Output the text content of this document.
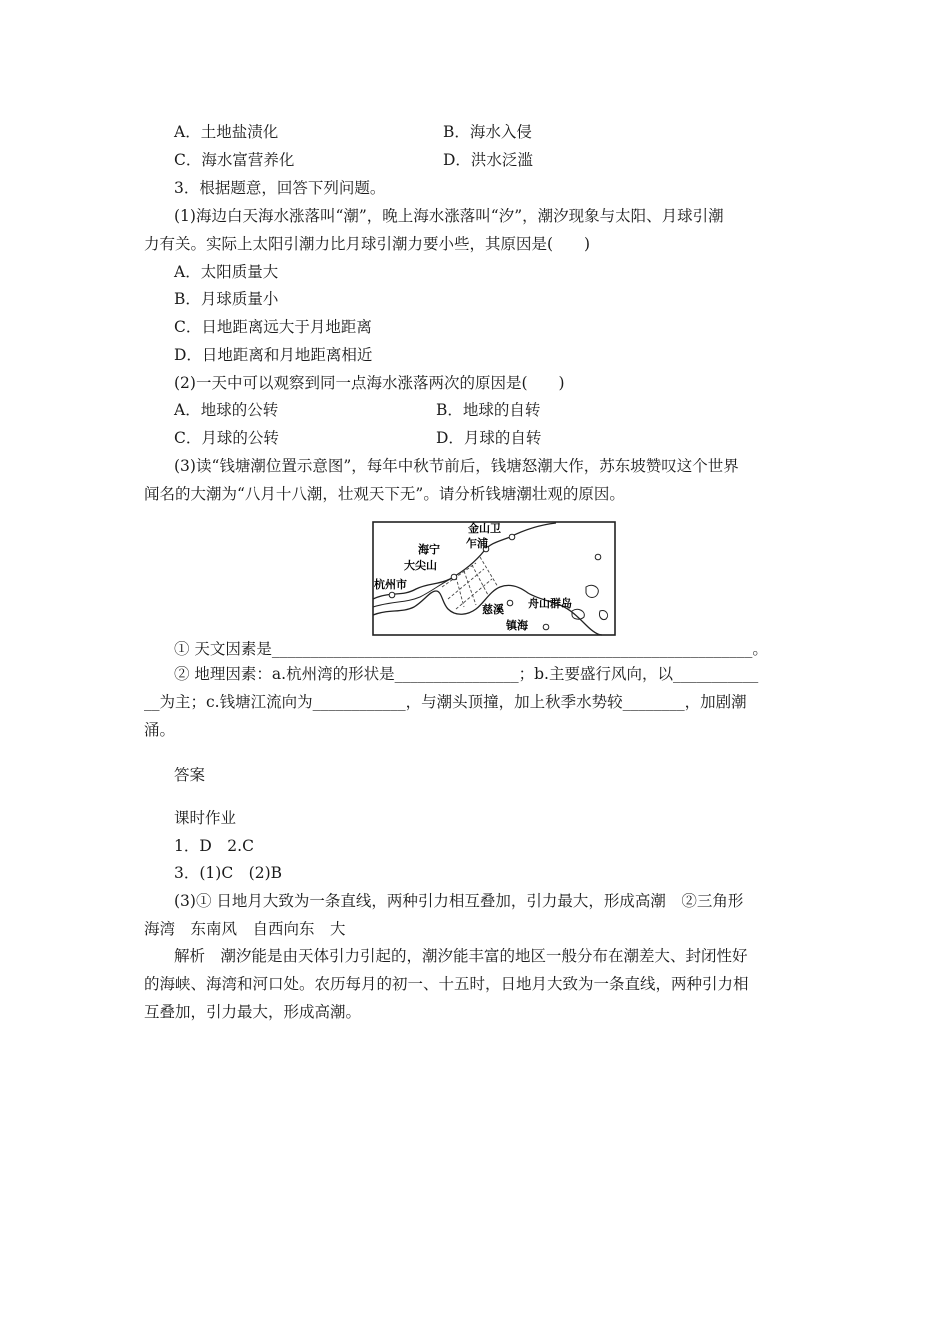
A．土地盐渍化	B．海水入侵
C．海水富营养化	D．洪水泛滥
3．根据题意，回答下列问题。
(1)海边白天海水涨落叫“潮”，晚上海水涨落叫“汐”，潮汐现象与太阳、月球引潮
力有关。实际上太阳引潮力比月球引潮力要小些，其原因是(　　)
A．太阳质量大
B．月球质量小
C．日地距离远大于月地距离
D．日地距离和月地距离相近
(2)一天中可以观察到同一点海水涨落两次的原因是(　　)
A．地球的公转	B．地球的自转
C．月球的公转	D．月球的自转
(3)读“钱塘潮位置示意图”，每年中秋节前后，钱塘怒潮大作，苏东坡赞叹这个世界
闻名的大潮为“八月十八潮，壮观天下无”。请分析钱塘潮壮观的原因。
金山卫
乍浦
海宁
大尖山
杭州市
慈溪 舟山群岛
镇海
① 天文因素是______________________________________________________________。
② 地理因素：a.杭州湾的形状是________________；b.主要盛行风向，以___________
__为主；c.钱塘江流向为____________，与潮头顶撞，加上秋季水势较________，加剧潮
涌。
答案
课时作业
1．D　2.C
3．(1)C　(2)B
(3)① 日地月大致为一条直线，两种引力相互叠加，引力最大，形成高潮　②三角形
海湾　东南风　自西向东　大
解析　潮汐能是由天体引力引起的，潮汐能丰富的地区一般分布在潮差大、封闭性好
的海峡、海湾和河口处。农历每月的初一、十五时，日地月大致为一条直线，两种引力相
互叠加，引力最大，形成高潮。
